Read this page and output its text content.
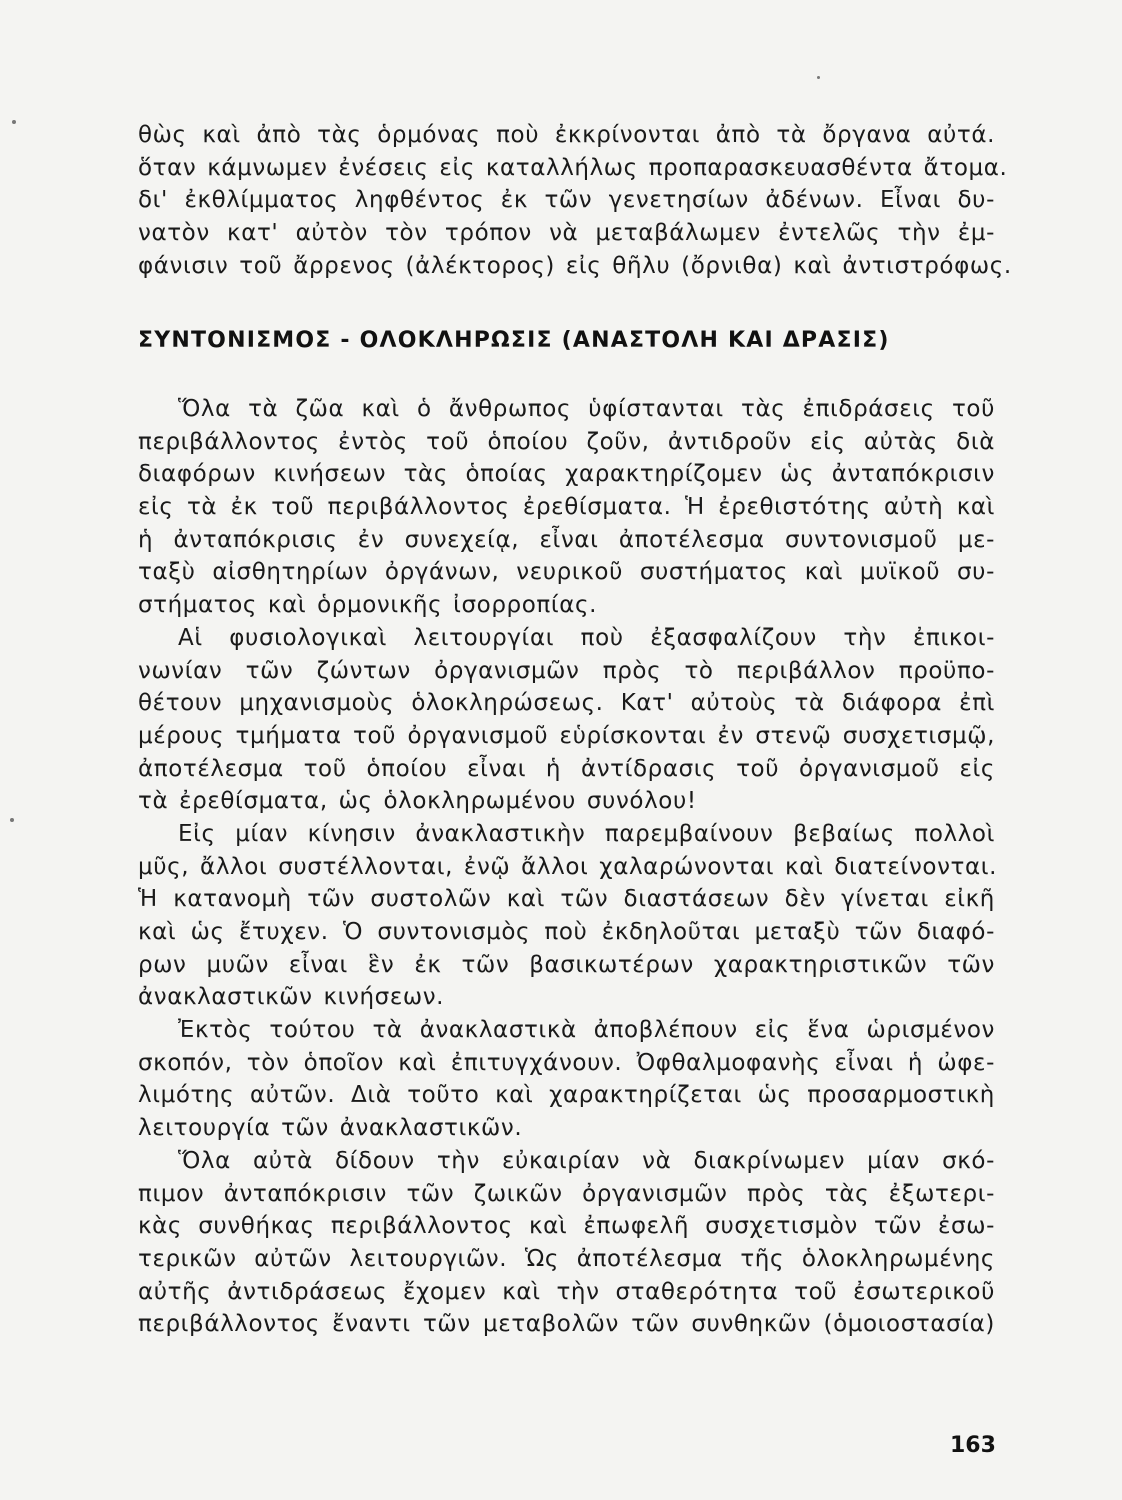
θὼς καὶ ἀπὸ τὰς ὁρμόνας ποὺ ἐκκρίνονται ἀπὸ τὰ ὄργανα αὐτά.
ὅταν κάμνωμεν ἐνέσεις εἰς καταλλήλως προπαρασκευασθέντα ἄτομα.
δι' ἐκθλίμματος ληφθέντος ἐκ τῶν γενετησίων ἀδένων. Εἶναι δυ-
νατὸν κατ' αὐτὸν τὸν τρόπον νὰ μεταβάλωμεν ἐντελῶς τὴν ἐμ-
φάνισιν τοῦ ἄρρενος (ἀλέκτορος) εἰς θῆλυ (ὄρνιθα) καὶ ἀντιστρόφως.
ΣΥΝΤΟΝΙΣΜΟΣ - ΟΛΟΚΛΗΡΩΣΙΣ (ΑΝΑΣΤΟΛΗ ΚΑΙ ΔΡΑΣΙΣ)
Ὅλα τὰ ζῶα καὶ ὁ ἄνθρωπος ὑφίστανται τὰς ἐπιδράσεις τοῦ
περιβάλλοντος ἐντὸς τοῦ ὁποίου ζοῦν, ἀντιδροῦν εἰς αὐτὰς διὰ
διαφόρων κινήσεων τὰς ὁποίας χαρακτηρίζομεν ὡς ἀνταπόκρισιν
εἰς τὰ ἐκ τοῦ περιβάλλοντος ἐρεθίσματα. Ἡ ἐρεθιστότης αὐτὴ καὶ
ἡ ἀνταπόκρισις ἐν συνεχείᾳ, εἶναι ἀποτέλεσμα συντονισμοῦ με-
ταξὺ αἰσθητηρίων ὀργάνων, νευρικοῦ συστήματος καὶ μυϊκοῦ συ-
στήματος καὶ ὁρμονικῆς ἰσορροπίας.
Αἱ φυσιολογικαὶ λειτουργίαι ποὺ ἐξασφαλίζουν τὴν ἐπικοι-
νωνίαν τῶν ζώντων ὀργανισμῶν πρὸς τὸ περιβάλλον προϋπο-
θέτουν μηχανισμοὺς ὁλοκληρώσεως. Κατ' αὐτοὺς τὰ διάφορα ἐπὶ
μέρους τμήματα τοῦ ὀργανισμοῦ εὑρίσκονται ἐν στενῷ συσχετισμῷ,
ἀποτέλεσμα τοῦ ὁποίου εἶναι ἡ ἀντίδρασις τοῦ ὀργανισμοῦ εἰς
τὰ ἐρεθίσματα, ὡς ὁλοκληρωμένου συνόλου!
Εἰς μίαν κίνησιν ἀνακλαστικὴν παρεμβαίνουν βεβαίως πολλοὶ
μῦς, ἄλλοι συστέλλονται, ἐνῷ ἄλλοι χαλαρώνονται καὶ διατείνονται.
Ἡ κατανομὴ τῶν συστολῶν καὶ τῶν διαστάσεων δὲν γίνεται εἰκῆ
καὶ ὡς ἔτυχεν. Ὁ συντονισμὸς ποὺ ἐκδηλοῦται μεταξὺ τῶν διαφό-
ρων μυῶν εἶναι ἓν ἐκ τῶν βασικωτέρων χαρακτηριστικῶν τῶν
ἀνακλαστικῶν κινήσεων.
Ἐκτὸς τούτου τὰ ἀνακλαστικὰ ἀποβλέπουν εἰς ἕνα ὡρισμένον
σκοπόν, τὸν ὁποῖον καὶ ἐπιτυγχάνουν. Ὀφθαλμοφανὴς εἶναι ἡ ὠφε-
λιμότης αὐτῶν. Διὰ τοῦτο καὶ χαρακτηρίζεται ὡς προσαρμοστικὴ
λειτουργία τῶν ἀνακλαστικῶν.
Ὅλα αὐτὰ δίδουν τὴν εὐκαιρίαν νὰ διακρίνωμεν μίαν σκό-
πιμον ἀνταπόκρισιν τῶν ζωικῶν ὀργανισμῶν πρὸς τὰς ἐξωτερι-
κὰς συνθήκας περιβάλλοντος καὶ ἐπωφελῆ συσχετισμὸν τῶν ἐσω-
τερικῶν αὐτῶν λειτουργιῶν. Ὡς ἀποτέλεσμα τῆς ὁλοκληρωμένης
αὐτῆς ἀντιδράσεως ἔχομεν καὶ τὴν σταθερότητα τοῦ ἐσωτερικοῦ
περιβάλλοντος ἔναντι τῶν μεταβολῶν τῶν συνθηκῶν (ὁμοιοστασία)
163
